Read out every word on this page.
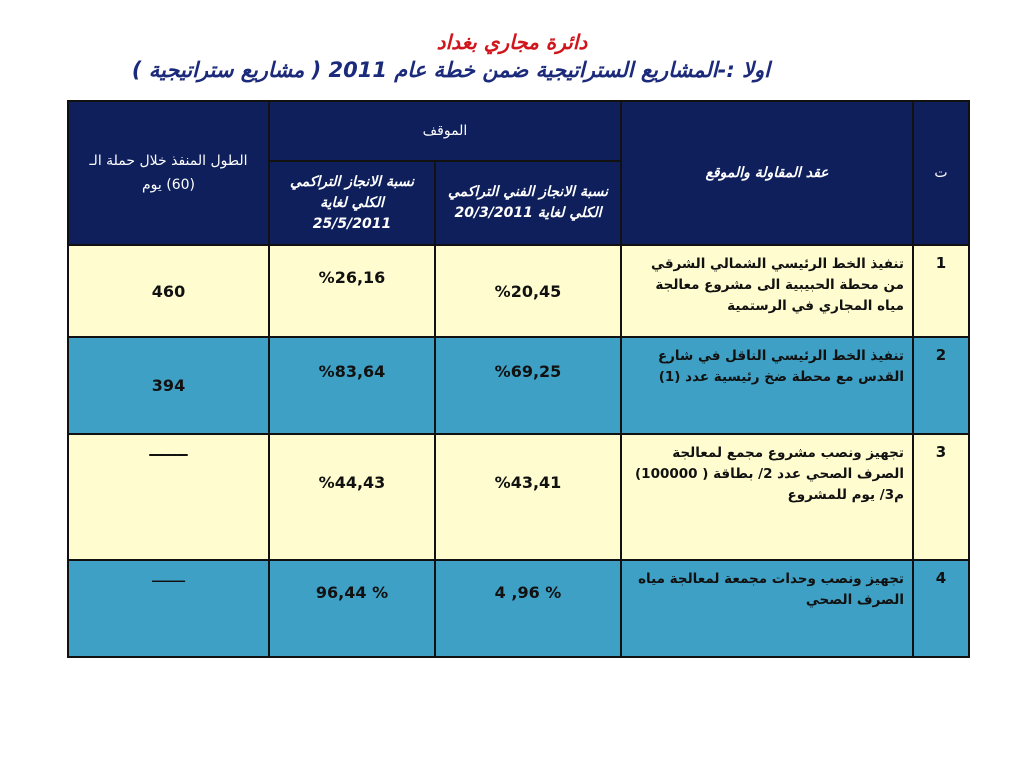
دائرة مجاري بغداد
اولا :-المشاريع الستراتيجية ضمن خطة عام 2011 ( مشاريع ستراتيجية )
ت	عقد المقاولة والموقع	الموقف		الطول المنفذ خلال حملة الـ (60) يوم
		نسبة الانجاز الفني التراكمي الكلي لغاية 20/3/2011	نسبة الانجاز التراكمي الكلي لغاية 25/5/2011	
1	تنفيذ الخط الرئيسي الشمالي الشرقي من محطة الحبيبية الى مشروع معالجة مياه المجاري في الرستمية	%20,45	%26,16	460
2	تنفيذ الخط الرئيسي الناقل في شارع القدس مع محطة ضخ رئيسية عدد (1)	%69,25	%83,64	394
3	تجهيز ونصب مشروع مجمع لمعالجة الصرف الصحي عدد 2/ بطاقة ( 100000) م3/ يوم للمشروع	%43,41	%44,43	ـــــــ
4	تجهيز ونصب وحدات مجمعة لمعالجة مياه الصرف الصحي	% 96, 4	% 96,44	ـــــــ
